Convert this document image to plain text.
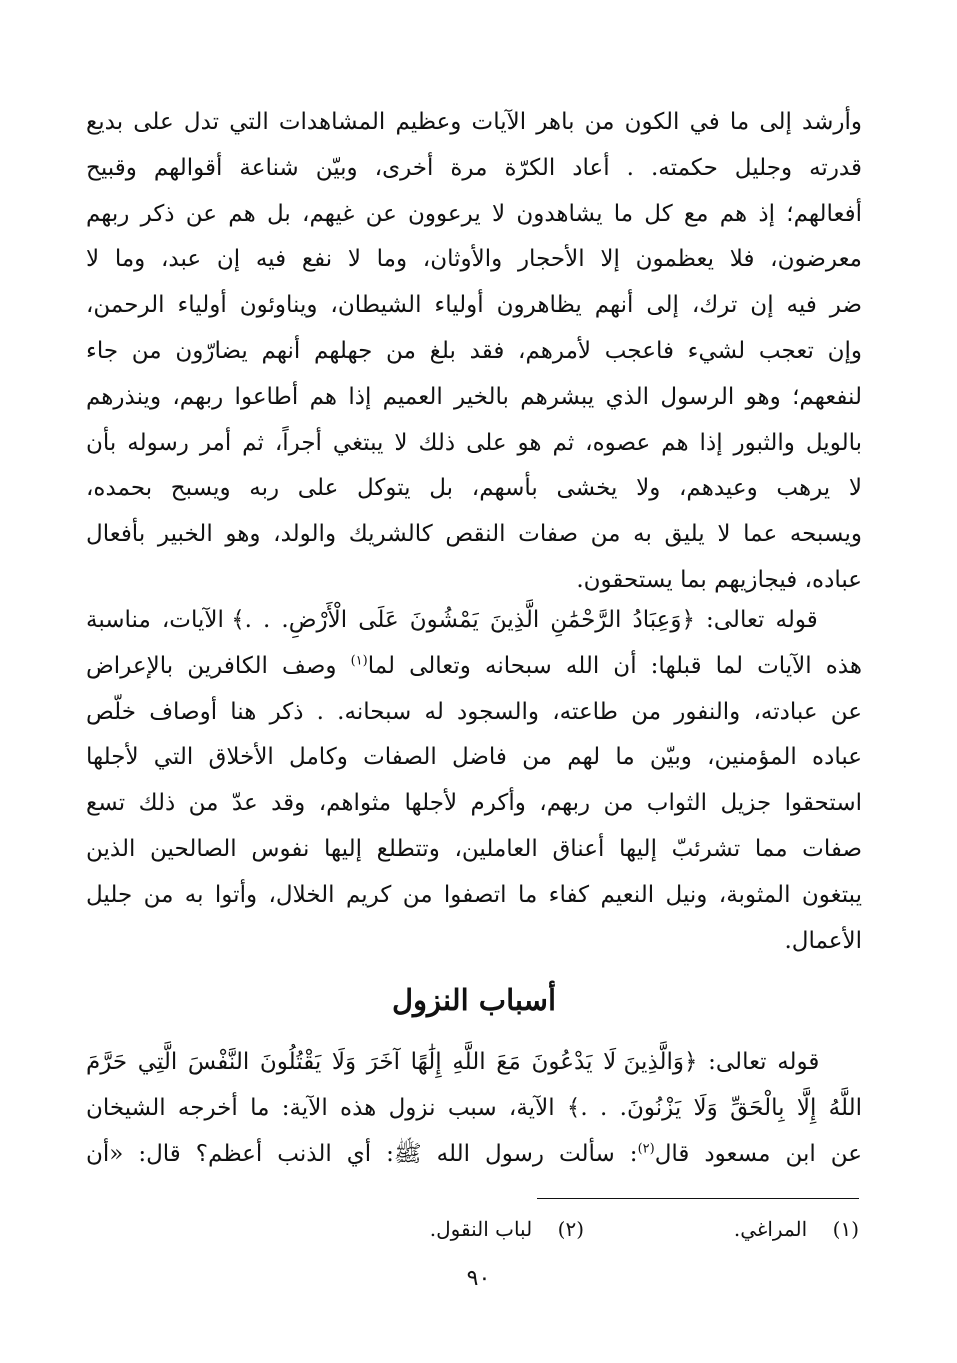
وأرشد إلى ما في الكون من باهر الآيات وعظيم المشاهدات التي تدل على بديع
قدرته وجليل حكمته. . أعاد الكرّة مرة أخرى، وبيّن شناعة أقوالهم وقبيح
أفعالهم؛ إذ هم مع كل ما يشاهدون لا يرعوون عن غيهم، بل هم عن ذكر ربهم
معرضون، فلا يعظمون إلا الأحجار والأوثان، وما لا نفع فيه إن عبد، وما لا
ضر فيه إن ترك، إلى أنهم يظاهرون أولياء الشيطان، ويناوئون أولياء الرحمن،
وإن تعجب لشيء فاعجب لأمرهم، فقد بلغ من جهلهم أنهم يضارّون من جاء
لنفعهم؛ وهو الرسول الذي يبشرهم بالخير العميم إذا هم أطاعوا ربهم، وينذرهم
بالويل والثبور إذا هم عصوه، ثم هو على ذلك لا يبتغي أجراً، ثم أمر رسوله بأن
لا يرهب وعيدهم، ولا يخشى بأسهم، بل يتوكل على ربه ويسبح بحمده،
ويسبحه عما لا يليق به من صفات النقص كالشريك والولد، وهو الخبير بأفعال
عباده، فيجازيهم بما يستحقون.
​    قوله تعالى: ﴿وَعِبَادُ الرَّحْمَٰنِ الَّذِينَ يَمْشُونَ عَلَى الْأَرْضِ. . .﴾ الآيات، مناسبة
هذه الآيات لما قبلها: أن الله سبحانه وتعالى لما$^{(١)}$ وصف الكافرين بالإعراض
عن عبادته، والنفور من طاعته، والسجود له سبحانه. . ذكر هنا أوصاف خلّص
عباده المؤمنين، وبيّن ما لهم من فاضل الصفات وكامل الأخلاق التي لأجلها
استحقوا جزيل الثواب من ربهم، وأكرم لأجلها مثواهم، وقد عدّ من ذلك تسع
صفات مما تشرئبّ إليها أعناق العاملين، وتتطلع إليها نفوس الصالحين الذين
يبتغون المثوبة، ونيل النعيم كفاء ما اتصفوا من كريم الخلال، وأتوا به من جليل
الأعمال.
أسباب النزول
​    قوله تعالى: ﴿وَالَّذِينَ لَا يَدْعُونَ مَعَ اللَّهِ إِلَٰهًا آخَرَ وَلَا يَقْتُلُونَ النَّفْسَ الَّتِي حَرَّمَ
اللَّهُ إِلَّا بِالْحَقِّ وَلَا يَزْنُونَ. . .﴾ الآية، سبب نزول هذه الآية: ما أخرجه الشيخان
عن ابن مسعود قال$^{(٢)}$: سألت رسول الله ﷺ: أي الذنب أعظم؟ قال: «أن
(١)    المراغي.
(٢)    لباب النقول.
٩٠
